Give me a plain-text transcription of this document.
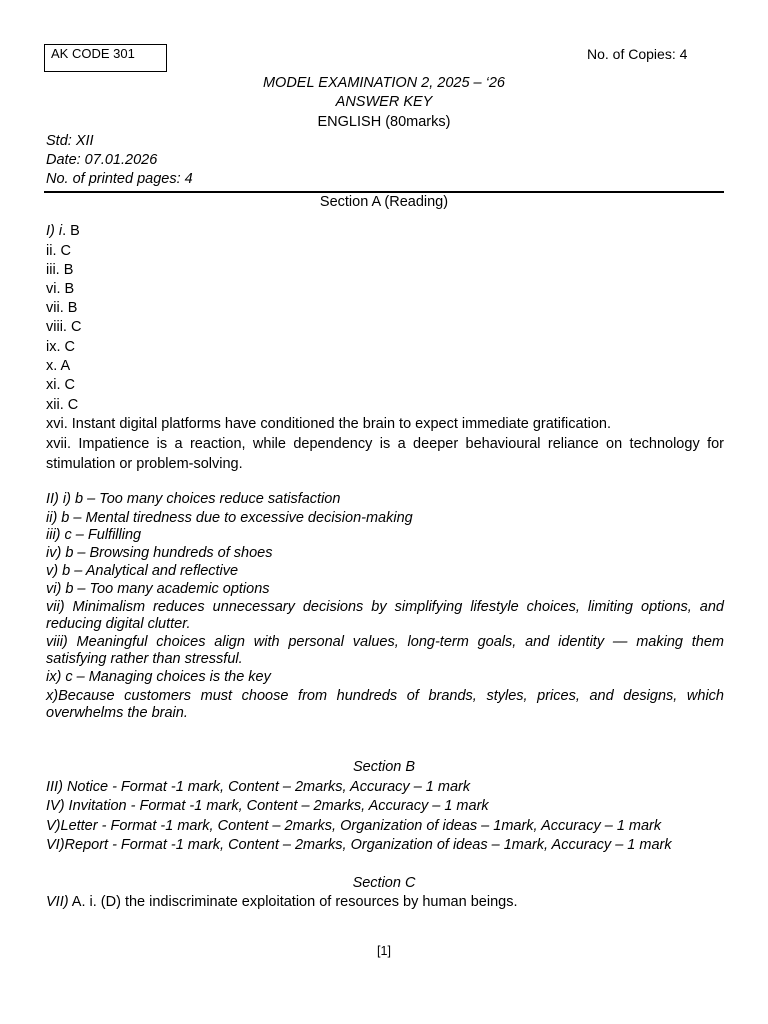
AK CODE 301	No. of Copies: 4
MODEL EXAMINATION 2, 2025 – ‘26
ANSWER KEY
ENGLISH (80marks)
Std: XII
Date: 07.01.2026
No. of printed pages: 4
Section A (Reading)
I) i. B
ii. C
iii. B
vi. B
vii. B
viii. C
ix. C
x. A
xi. C
xii. C
xvi. Instant digital platforms have conditioned the brain to expect immediate gratification.
xvii. Impatience is a reaction, while dependency is a deeper behavioural reliance on technology for stimulation or problem-solving.
II) i) b – Too many choices reduce satisfaction
ii) b – Mental tiredness due to excessive decision-making
iii) c – Fulfilling
iv) b – Browsing hundreds of shoes
v) b – Analytical and reflective
vi) b – Too many academic options
vii) Minimalism reduces unnecessary decisions by simplifying lifestyle choices, limiting options, and reducing digital clutter.
viii) Meaningful choices align with personal values, long-term goals, and identity — making them satisfying rather than stressful.
ix) c – Managing choices is the key
x)Because customers must choose from hundreds of brands, styles, prices, and designs, which overwhelms the brain.
Section B
III) Notice - Format -1 mark, Content – 2marks, Accuracy – 1 mark
IV) Invitation - Format -1 mark, Content – 2marks, Accuracy – 1 mark
V)Letter - Format -1 mark, Content – 2marks, Organization of ideas – 1mark, Accuracy – 1 mark
VI)Report - Format -1 mark, Content – 2marks, Organization of ideas – 1mark, Accuracy – 1 mark
Section C
VII) A. i. (D) the indiscriminate exploitation of resources by human beings.
[1]
